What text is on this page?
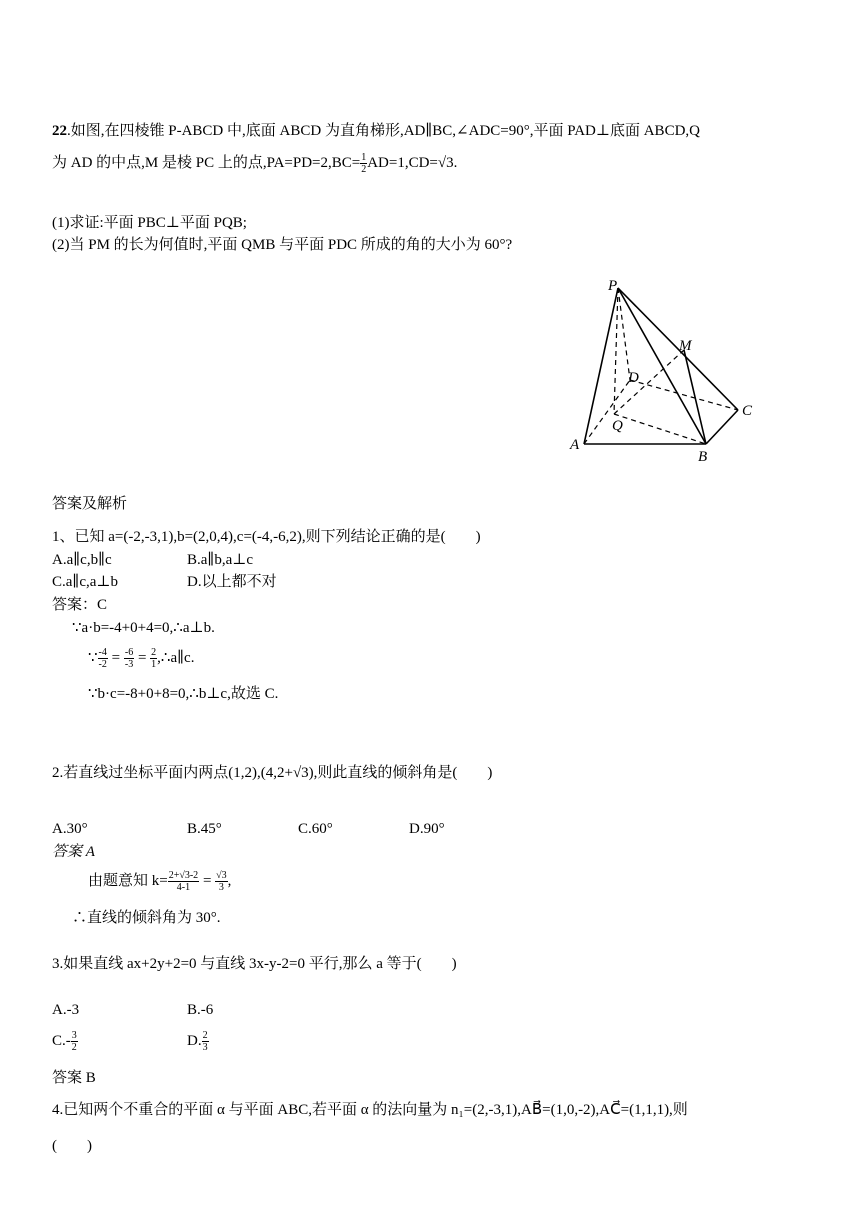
22.如图,在四棱锥 P-ABCD 中,底面 ABCD 为直角梯形,AD∥BC,∠ADC=90°,平面 PAD⊥底面 ABCD,Q
为 AD 的中点,M 是棱 PC 上的点$,PA=PD=2,BC= \frac{1}{2} AD=1,CD=√3$.
(1)求证:平面 PBC⊥平面 PQB;
(2)当 PM 的长为何值时,平面 QMB 与平面 PDC 所成的角的大小为 60°?
P
M
D
C
Q
A
B
答案及解析
1、已知 a=(-2,-3,1),b=(2,0,4),c=(-4,-6,2),则下列结论正确的是(　　)
A.a∥c,b∥c	B.a∥b,a⊥c
C.a∥c,a⊥b	D.以上都不对
答案：C
∵a·b=-4+0+4=0,∴a⊥b.
∵ $\frac{-4}{-2} = \frac{-6}{-3} = \frac{2}{1}$ ,∴a∥c.
∵b·c=-8+0+8=0,∴b⊥c,故选 C.
2.若直线过坐标平面内两点(1,2),(4,2+√3),则此直线的倾斜角是(　　)
A.30°	B.45°	C.60°	D.90°
答案 A
由题意知 $k= \frac{2+√3-2}{4-1} = \frac{√3}{3}$ ,
∴直线的倾斜角为 30°.
3.如果直线 ax+2y+2=0 与直线 3x-y-2=0 平行,那么 a 等于(　　)
A.-3	B.-6
$C.- \frac{3}{2}$	D. $\frac{2}{3}$
答案 B
4.已知两个不重合的平面 α 与平面 ABC,若平面 α 的法向量为 n₁=(2,-3,1),AB⃗=(1,0,-2),AC⃗=(1,1,1),则
(　　)
